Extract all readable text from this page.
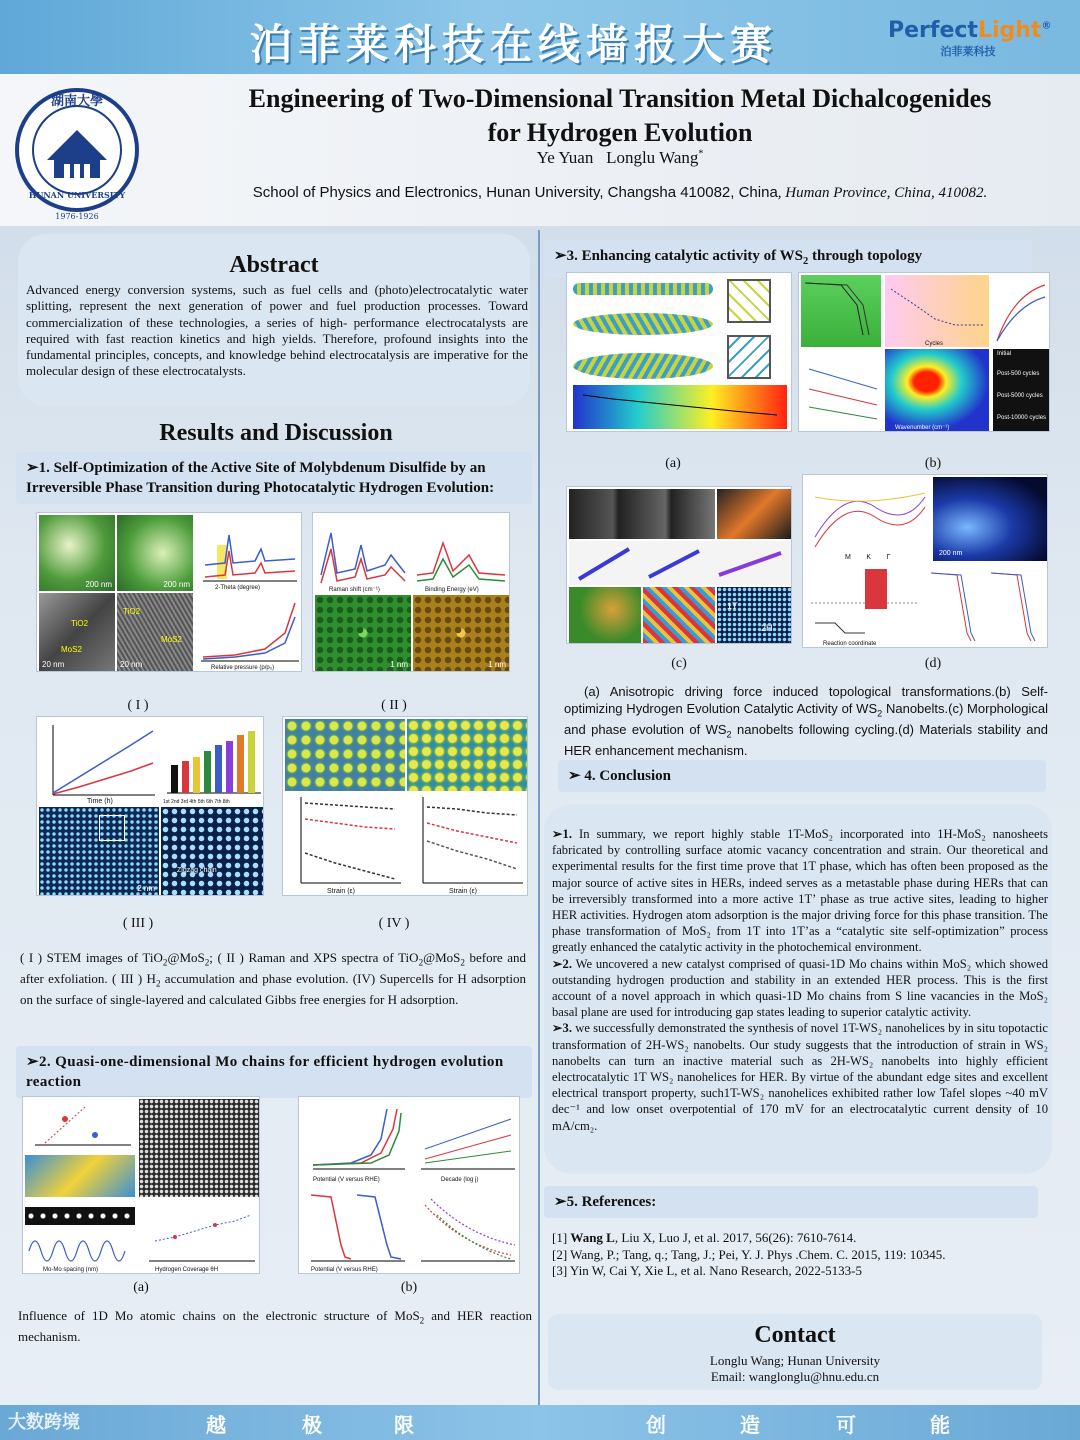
泊菲莱科技在线墙报大赛	PerfectLight®
泊菲莱科技
湖南大學
HUNAN UNIVERSITY
1976-1926
Engineering of Two-Dimensional Transition Metal Dichalcogenides
for Hydrogen Evolution
Ye Yuan Longlu Wang*
School of Physics and Electronics, Hunan University, Changsha 410082, China, Human Province, China, 410082.
Abstract
Advanced energy conversion systems, such as fuel cells and (photo)electrocatalytic water splitting, represent the next generation of power and fuel production processes. Toward commercialization of these technologies, a series of high- performance electrocatalysts are required with fast reaction kinetics and high yields. Therefore, profound insights into the fundamental principles, concepts, and knowledge behind electrocatalysis are imperative for the molecular design of these electrocatalysts.
Results and Discussion
➢1. Self-Optimization of the Active Site of Molybdenum Disulfide by an Irreversible Phase Transition during Photocatalytic Hydrogen Evolution:
200 nm	200 nm
TiO2
MoS2
20 nm
TiO2
MoS2
20 nm
2-Theta (degree)
Relative pressure (p/p₀)
Raman shift (cm⁻¹)	Binding Energy (eV)
1 nm	1 nm
( I )	( II )
Time (h)	1st 2nd 3rd 4th 5th 6th 7th 8th
2 nm
Zigzag chain
Strain (ε)	Strain (ε)
( III )	( IV )
( I ) STEM images of TiO$_2$@MoS$_2$; ( II ) Raman and XPS spectra of TiO$_2$@MoS$_2$ before and after exfoliation. ( III ) $H_2$ accumulation and phase evolution. (IV) Supercells for H adsorption on the surface of single-layered and calculated Gibbs free energies for H adsorption.
➢2. Quasi-one-dimensional Mo chains for efficient hydrogen evolution reaction
Mo-Mo spacing (nm)	Hydrogen Coverage θH
Potential (V versus RHE)	Decade (log j)
Potential (V versus RHE)
(a)	(b)
Influence of 1D Mo atomic chains on the electronic structure of MoS$_2$ and HER reaction mechanism.
➢3. Enhancing catalytic activity of $WS_2$ through topology
Cycles
Wavenumber (cm⁻¹)
Initial
Post-500 cycles
Post-5000 cycles
Post-10000 cycles
(a)	(b)
1T
2H
M        K        Γ
200 nm
Reaction coordinate
(c)	(d)
(a) Anisotropic driving force induced topological transformations.(b) Self-optimizing Hydrogen Evolution Catalytic Activity of $WS_2$ Nanobelts.(c) Morphological and phase evolution of $WS_2$ nanobelts following cycling.(d) Materials stability and HER enhancement mechanism.
➢ 4. Conclusion

➢1. In summary, we report highly stable 1T-MoS₂ incorporated into 1H-MoS₂ nanosheets fabricated by controlling surface atomic vacancy concentration and strain. Our theoretical and experimental results for the first time prove that 1T phase, which has often been proposed as the major source of active sites in HERs, indeed serves as a metastable phase during HERs that can be irreversibly transformed into a more active 1T’ phase as true active sites, leading to higher HER activities. Hydrogen atom adsorption is the major driving force for this phase transition. The phase transformation of MoS₂ from 1T into 1T’as a “catalytic site self-optimization” process greatly enhanced the catalytic activity in the photochemical environment.

➢2. We uncovered a new catalyst comprised of quasi-1D Mo chains within MoS₂ which showed outstanding hydrogen production and stability in an extended HER process. This is the first account of a novel approach in which quasi-1D Mo chains from S line vacancies in the MoS₂ basal plane are used for introducing gap states leading to superior catalytic activity.

➢3. we successfully demonstrated the synthesis of novel 1T-WS₂ nanohelices by in situ topotactic transformation of 2H-WS₂ nanobelts. Our study suggests that the introduction of strain in WS₂ nanobelts can turn an inactive material such as 2H-WS₂ nanobelts into highly efficient electrocatalytic 1T WS₂ nanohelices for HER. By virtue of the abundant edge sites and excellent electrical transport property, such1T-WS₂ nanohelices exhibited rather low Tafel slopes ~40 mV dec⁻¹ and low onset overpotential of 170 mV for an electrocatalytic current density of 10 mA/cm₂.

➢5. References:
[1] Wang L, Liu X, Luo J, et al. 2017, 56(26): 7610-7614.
[2] Wang, P.; Tang, q.; Tang, J.; Pei, Y. J. Phys .Chem. C. 2015, 119: 10345.
[3] Yin W, Cai Y, Xie L, et al. Nano Research, 2022-5133-5
Contact
Longlu Wang; Hunan University
Email: wanglonglu@hnu.edu.cn
大数跨境	越	极	限	创	造	可	能
